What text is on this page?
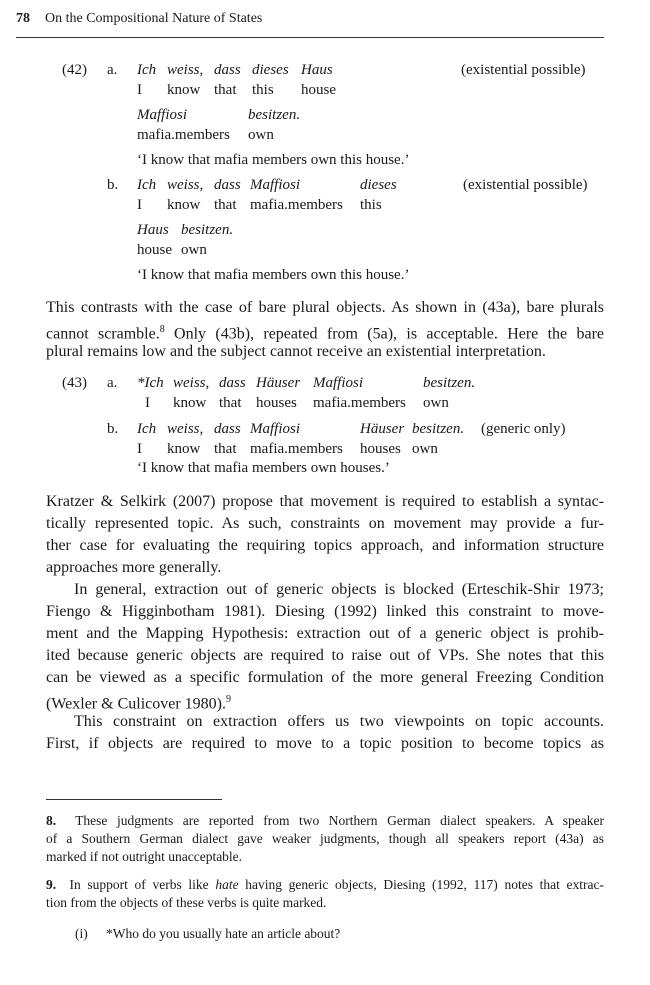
78 On the Compositional Nature of States
(42) a. Ich weiss, dass dieses Haus	(existential possible)
I know that this house
Maffiosi	besitzen.
mafia.members own
‘I know that mafia members own this house.’
b. Ich weiss, dass Maffiosi	dieses	(existential possible)
I know that mafia.members this
Haus besitzen.
house own
‘I know that mafia members own this house.’
This contrasts with the case of bare plural objects. As shown in (43a), bare plurals
cannot scramble.$^8$ Only (43b), repeated from (5a), is acceptable. Here the bare
plural remains low and the subject cannot receive an existential interpretation.
(43) a. *Ich weiss, dass Häuser Maffiosi	besitzen.
I know that houses mafia.members own
b. Ich weiss, dass Maffiosi	Häuser besitzen. (generic only)
I know that mafia.members houses own
‘I know that mafia members own houses.’
Kratzer & Selkirk (2007) propose that movement is required to establish a syntac-
tically represented topic. As such, constraints on movement may provide a fur-
ther case for evaluating the requiring topics approach, and information structure
approaches more generally.
In general, extraction out of generic objects is blocked (Erteschik-Shir 1973;
Fiengo & Higginbotham 1981). Diesing (1992) linked this constraint to move-
ment and the Mapping Hypothesis: extraction out of a generic object is prohib-
ited because generic objects are required to raise out of VPs. She notes that this
can be viewed as a specific formulation of the more general Freezing Condition
(Wexler & Culicover 1980).$^9$
This constraint on extraction offers us two viewpoints on topic accounts.
First, if objects are required to move to a topic position to become topics as
8. These judgments are reported from two Northern German dialect speakers. A speaker
of a Southern German dialect gave weaker judgments, though all speakers report (43a) as
marked if not outright unacceptable.
9. In support of verbs like hate having generic objects, Diesing (1992, 117) notes that extrac-
tion from the objects of these verbs is quite marked.
(i) *Who do you usually hate an article about?
